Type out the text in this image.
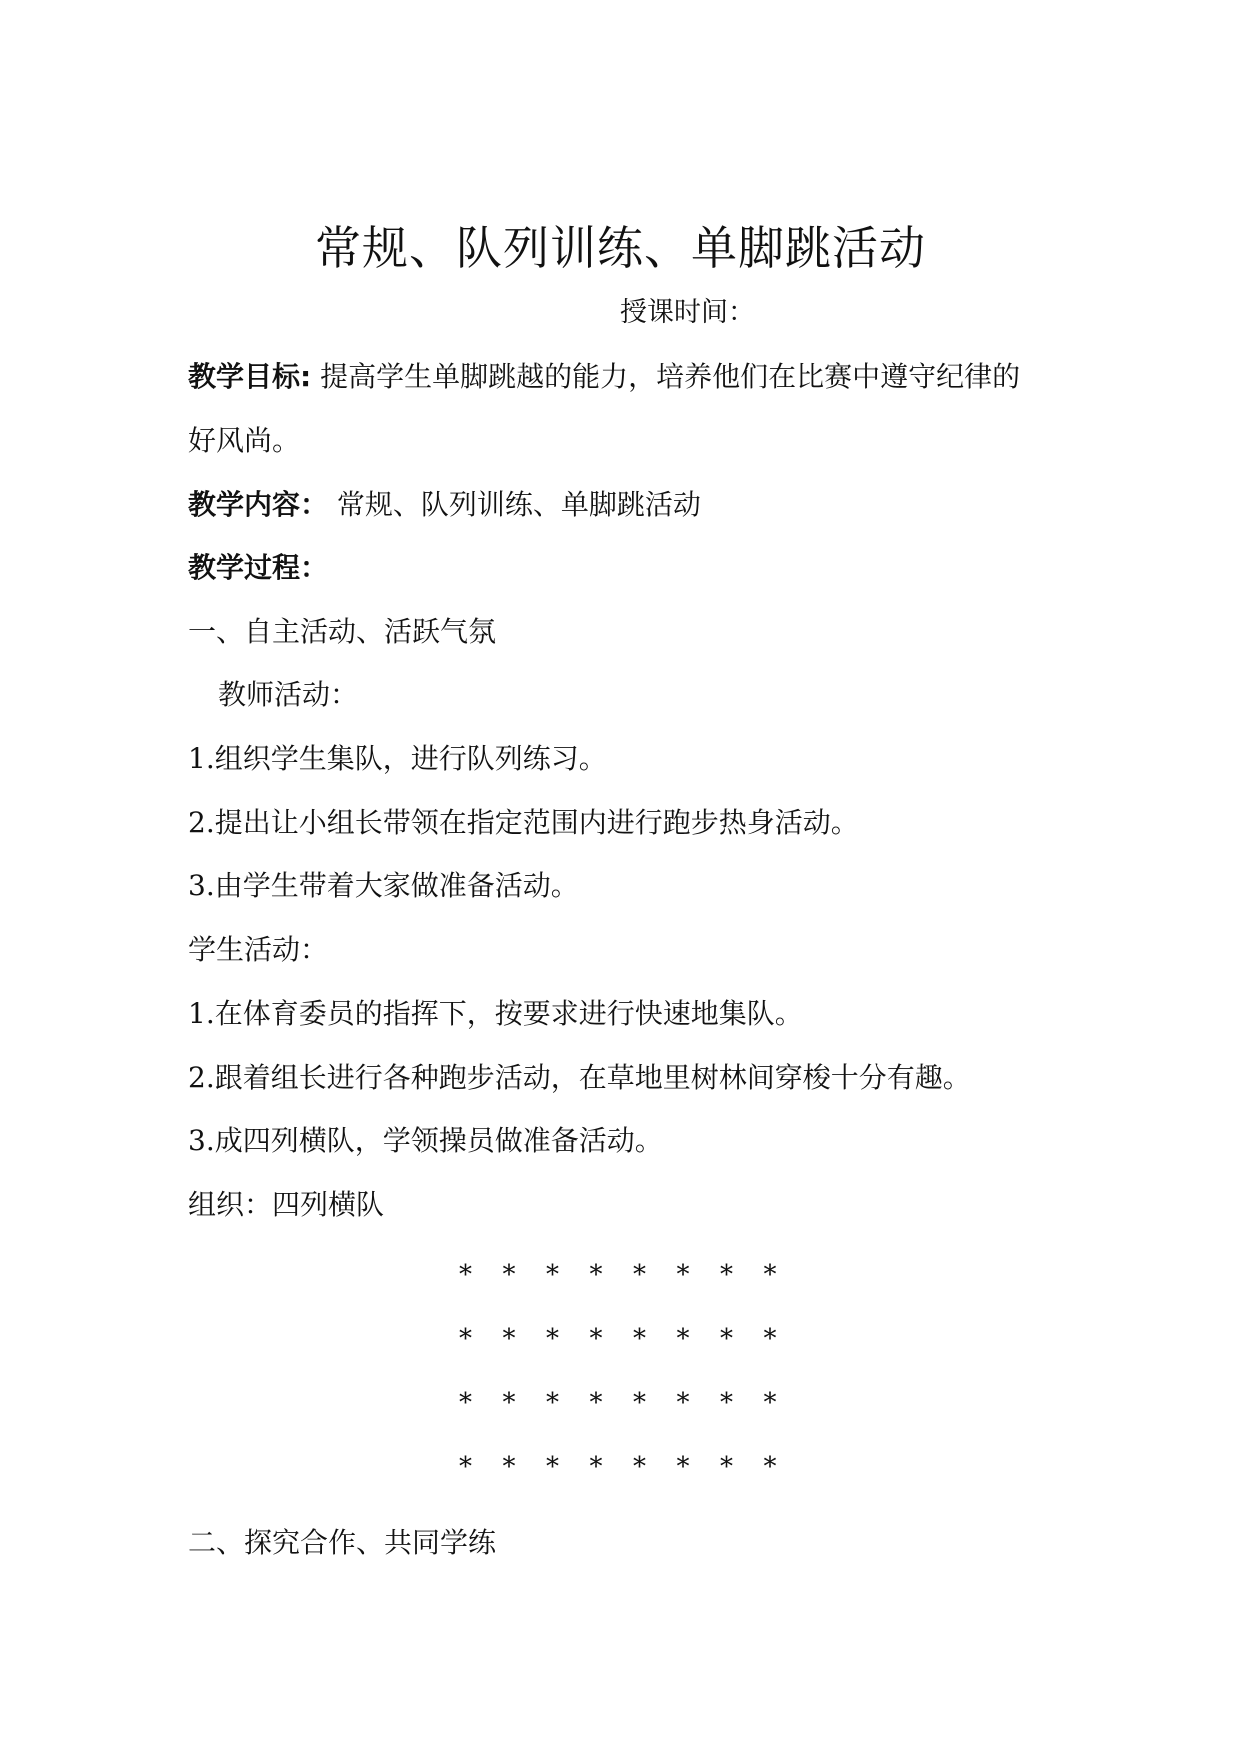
常规、队列训练、单脚跳活动
授课时间：
教学目标: 提高学生单脚跳越的能力，培养他们在比赛中遵守纪律的
好风尚。
教学内容： 常规、队列训练、单脚跳活动
教学过程：
一、自主活动、活跃气氛
教师活动：
1.组织学生集队，进行队列练习。
2.提出让小组长带领在指定范围内进行跑步热身活动。
3.由学生带着大家做准备活动。
学生活动：
1.在体育委员的指挥下，按要求进行快速地集队。
2.跟着组长进行各种跑步活动，在草地里树林间穿梭十分有趣。
3.成四列横队，学领操员做准备活动。
组织：四列横队
*	*	*	*	*	*	*	*
*	*	*	*	*	*	*	*
*	*	*	*	*	*	*	*
*	*	*	*	*	*	*	*
二、探究合作、共同学练
